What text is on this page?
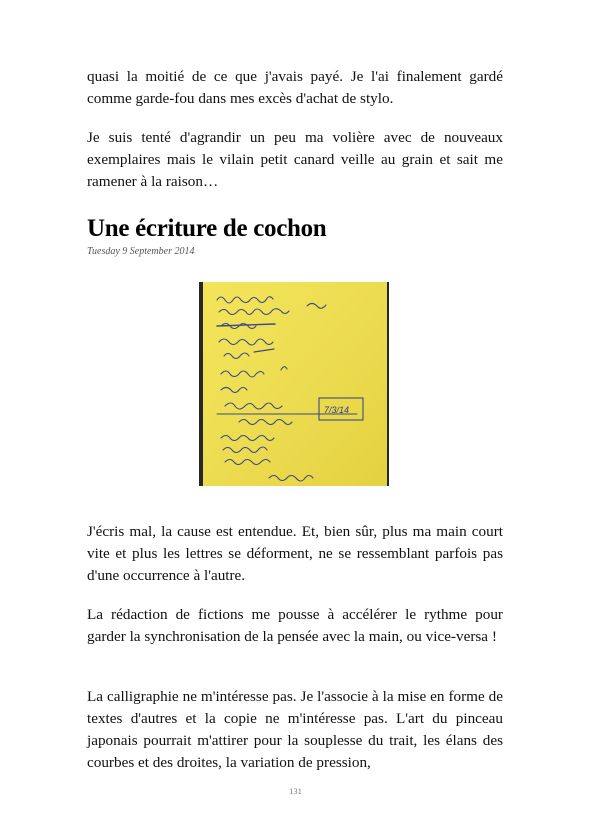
quasi la moitié de ce que j'avais payé. Je l'ai finalement gardé comme garde-fou dans mes excès d'achat de stylo.

Je suis tenté d'agrandir un peu ma volière avec de nouveaux exemplaires mais le vilain petit canard veille au grain et sait me ramener à la raison…

Une écriture de cochon

Tuesday 9 September 2014

7/3/14

J'écris mal, la cause est entendue. Et, bien sûr, plus ma main court vite et plus les lettres se déforment, ne se ressemblant parfois pas d'une occurrence à l'autre.

La rédaction de fictions me pousse à accélérer le rythme pour garder la synchronisation de la pensée avec la main, ou vice-versa !

La calligraphie ne m'intéresse pas. Je l'associe à la mise en forme de textes d'autres et la copie ne m'intéresse pas. L'art du pinceau japonais pourrait m'attirer pour la souplesse du trait, les élans des courbes et des droites, la variation de pression,

131
